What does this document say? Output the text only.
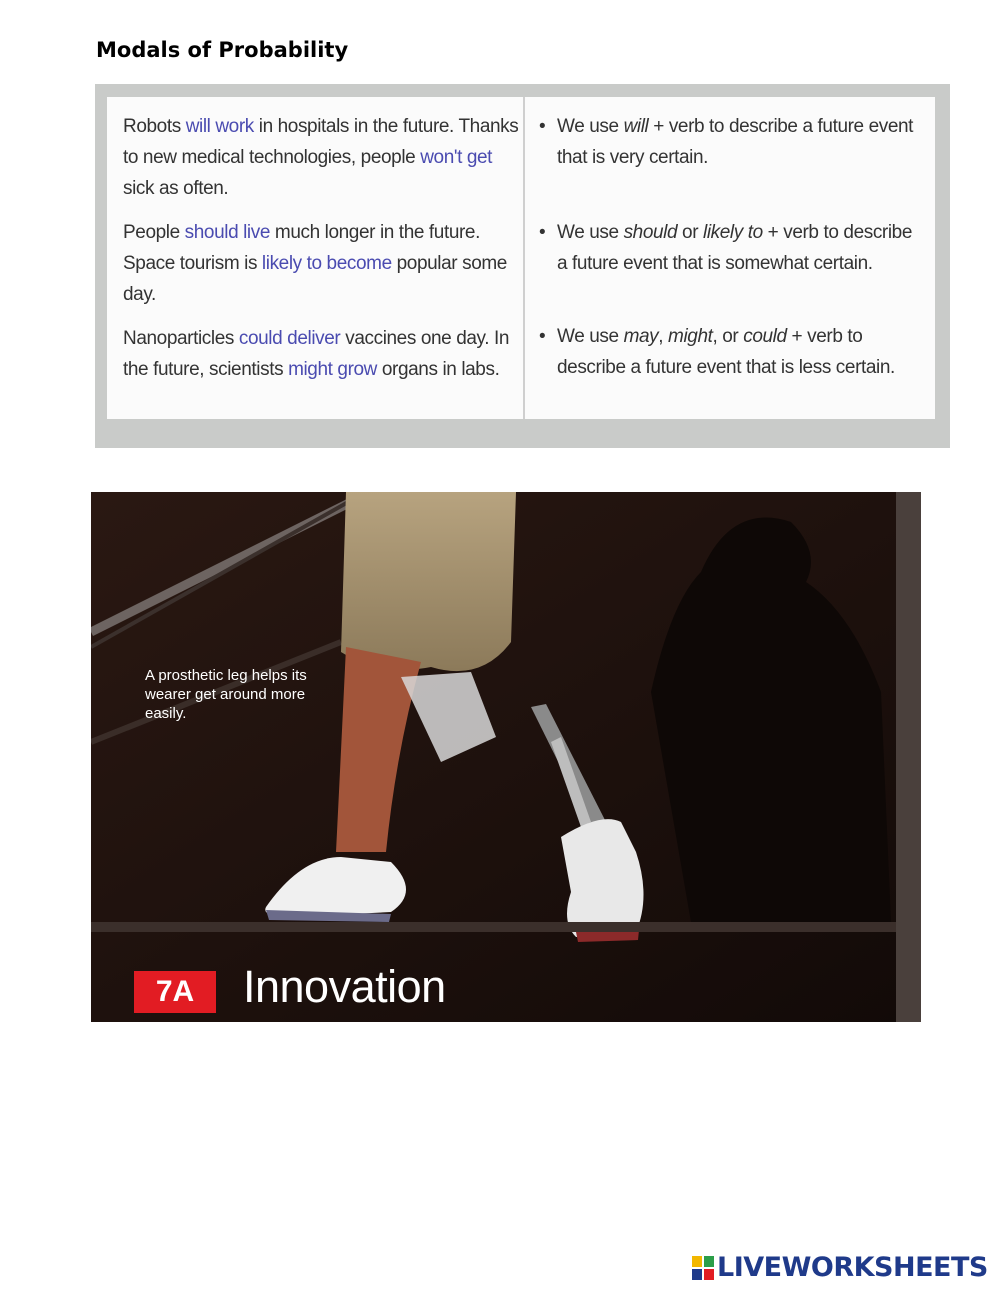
Modals of Probability
Robots will work in hospitals in the future. Thanks to new medical technologies, people won't get sick as often.
People should live much longer in the future. Space tourism is likely to become popular some day.
Nanoparticles could deliver vaccines one day. In the future, scientists might grow organs in labs.
• We use will + verb to describe a future event that is very certain.
• We use should or likely to + verb to describe a future event that is somewhat certain.
• We use may, might, or could + verb to describe a future event that is less certain.
A prosthetic leg helps its wearer get around more easily.
7A	Innovation
LIVEWORKSHEETS
